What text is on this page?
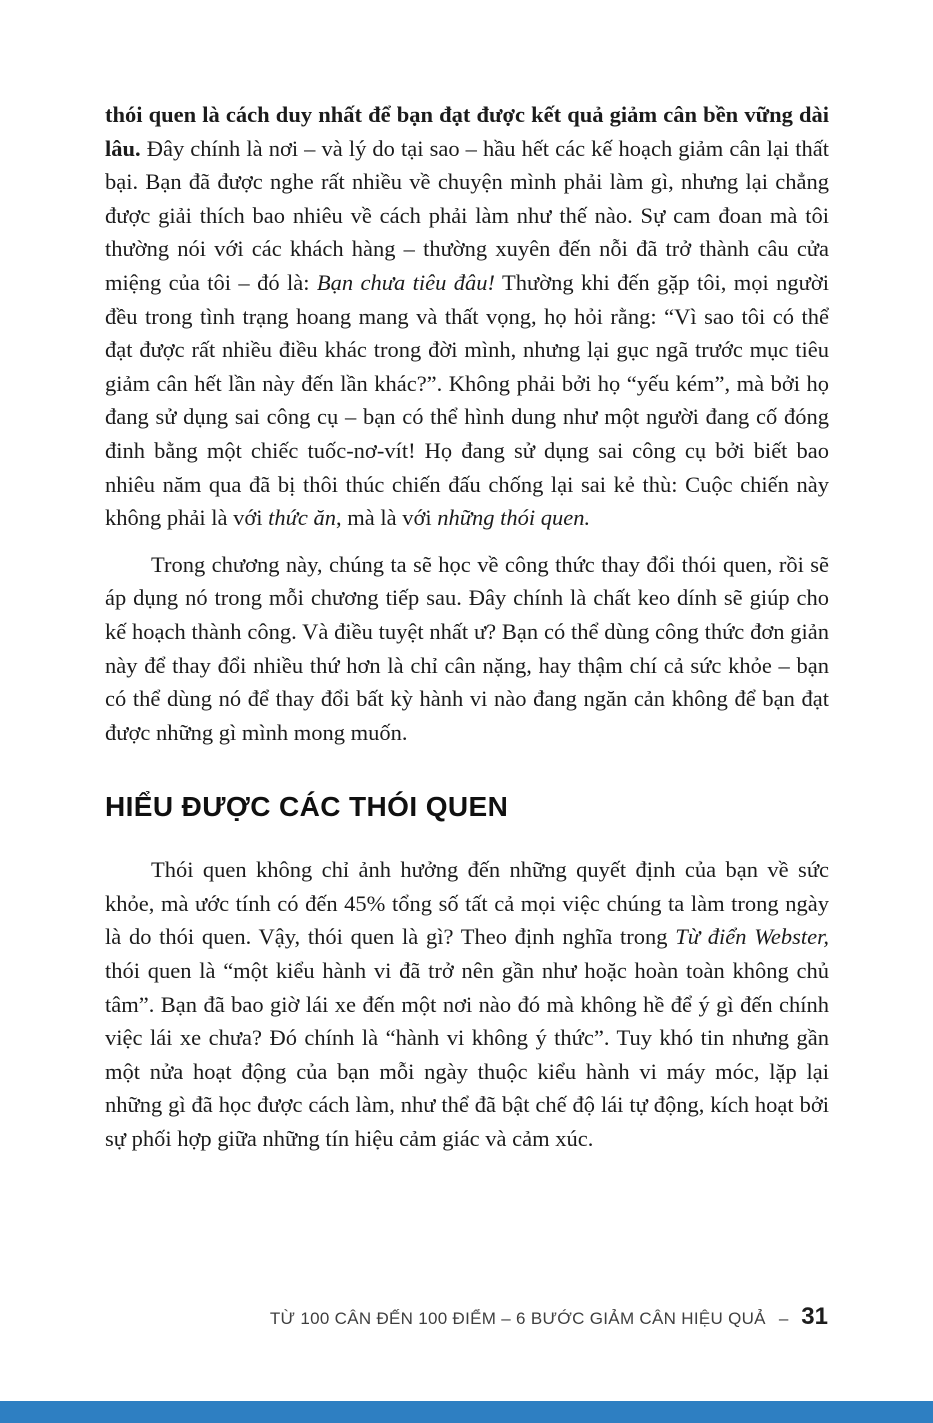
thói quen là cách duy nhất để bạn đạt được kết quả giảm cân bền vững dài lâu. Đây chính là nơi – và lý do tại sao – hầu hết các kế hoạch giảm cân lại thất bại. Bạn đã được nghe rất nhiều về chuyện mình phải làm gì, nhưng lại chẳng được giải thích bao nhiêu về cách phải làm như thế nào. Sự cam đoan mà tôi thường nói với các khách hàng – thường xuyên đến nỗi đã trở thành câu cửa miệng của tôi – đó là: Bạn chưa tiêu đâu! Thường khi đến gặp tôi, mọi người đều trong tình trạng hoang mang và thất vọng, họ hỏi rằng: “Vì sao tôi có thể đạt được rất nhiều điều khác trong đời mình, nhưng lại gục ngã trước mục tiêu giảm cân hết lần này đến lần khác?”. Không phải bởi họ “yếu kém”, mà bởi họ đang sử dụng sai công cụ – bạn có thể hình dung như một người đang cố đóng đinh bằng một chiếc tuốc-nơ-vít! Họ đang sử dụng sai công cụ bởi biết bao nhiêu năm qua đã bị thôi thúc chiến đấu chống lại sai kẻ thù: Cuộc chiến này không phải là với thức ăn, mà là với những thói quen.

Trong chương này, chúng ta sẽ học về công thức thay đổi thói quen, rồi sẽ áp dụng nó trong mỗi chương tiếp sau. Đây chính là chất keo dính sẽ giúp cho kế hoạch thành công. Và điều tuyệt nhất ư? Bạn có thể dùng công thức đơn giản này để thay đổi nhiều thứ hơn là chỉ cân nặng, hay thậm chí cả sức khỏe – bạn có thể dùng nó để thay đổi bất kỳ hành vi nào đang ngăn cản không để bạn đạt được những gì mình mong muốn.

HIỂU ĐƯỢC CÁC THÓI QUEN

Thói quen không chỉ ảnh hưởng đến những quyết định của bạn về sức khỏe, mà ước tính có đến 45% tổng số tất cả mọi việc chúng ta làm trong ngày là do thói quen. Vậy, thói quen là gì? Theo định nghĩa trong Từ điển Webster, thói quen là “một kiểu hành vi đã trở nên gần như hoặc hoàn toàn không chủ tâm”. Bạn đã bao giờ lái xe đến một nơi nào đó mà không hề để ý gì đến chính việc lái xe chưa? Đó chính là “hành vi không ý thức”. Tuy khó tin nhưng gần một nửa hoạt động của bạn mỗi ngày thuộc kiểu hành vi máy móc, lặp lại những gì đã học được cách làm, như thể đã bật chế độ lái tự động, kích hoạt bởi sự phối hợp giữa những tín hiệu cảm giác và cảm xúc.

TỪ 100 CÂN ĐẾN 100 ĐIỂM – 6 BƯỚC GIẢM CÂN HIỆU QUẢ – 31
